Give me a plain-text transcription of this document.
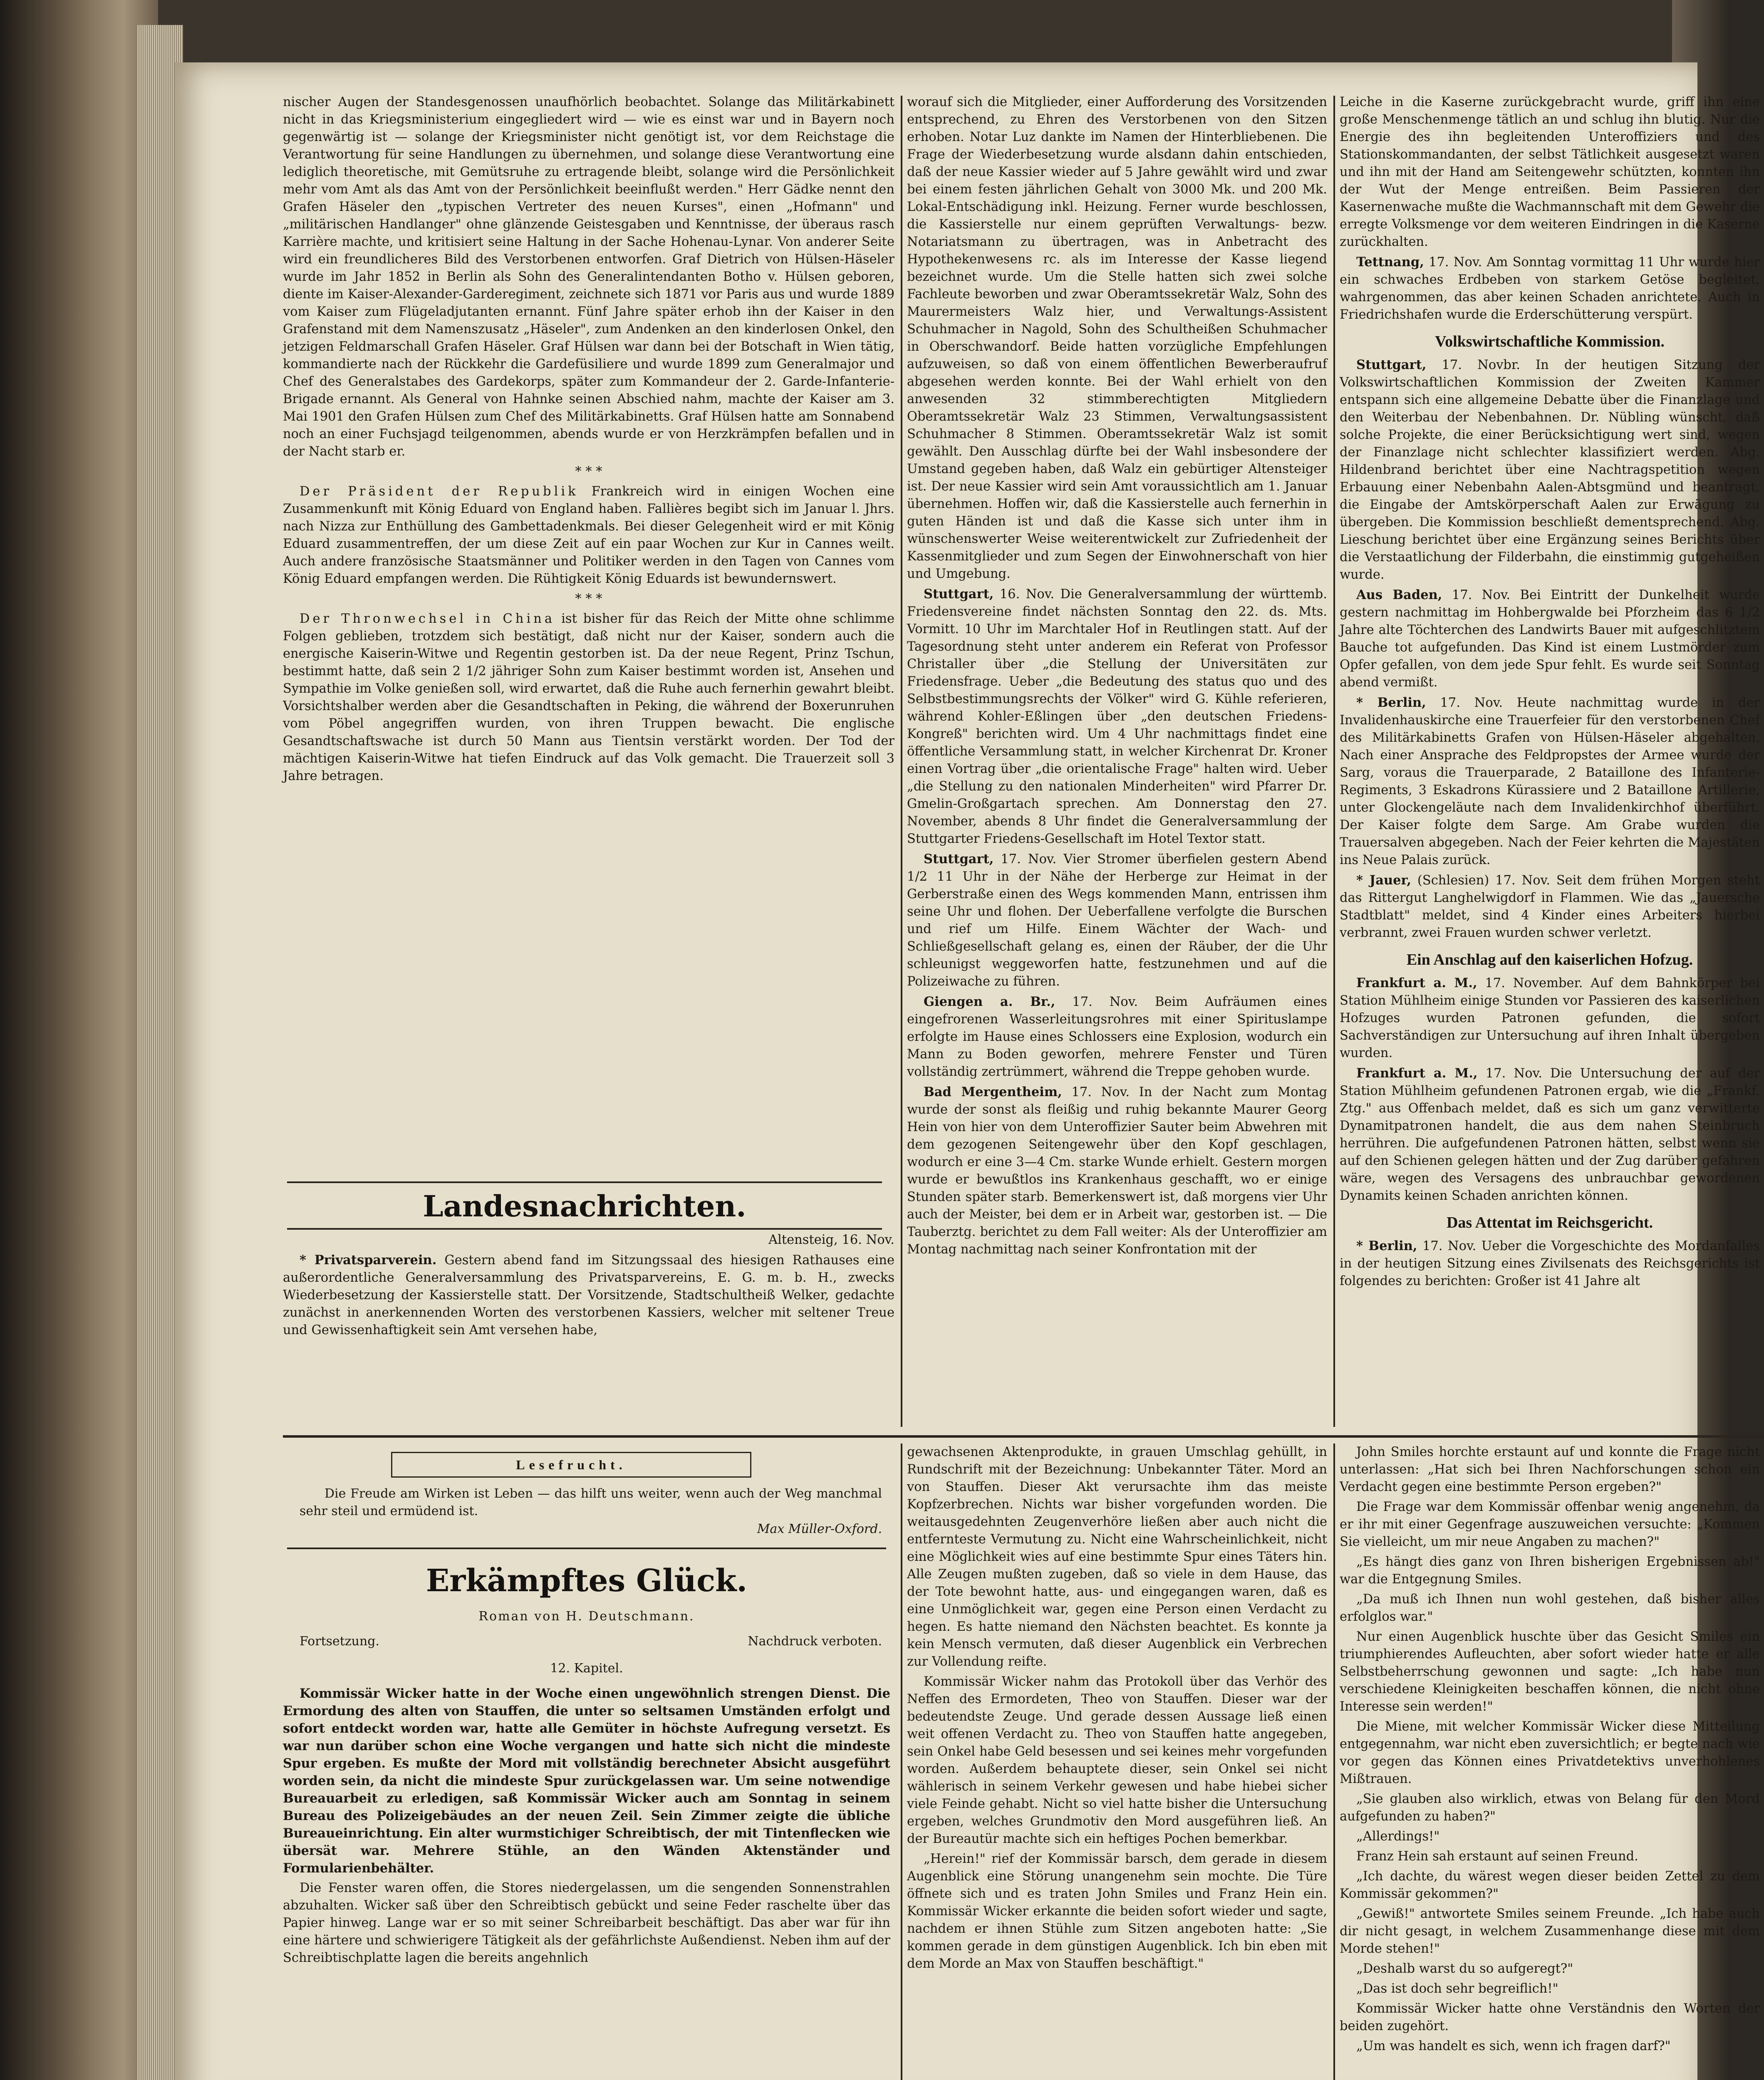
nischer Augen der Standesgenossen unaufhörlich beobachtet. Solange das Militärkabinett nicht in das Kriegsministerium eingegliedert wird — wie es einst war und in Bayern noch gegenwärtig ist — solange der Kriegsminister nicht genötigt ist, vor dem Reichstage die Verantwortung für seine Handlungen zu übernehmen, und solange diese Verantwortung eine lediglich theoretische, mit Gemütsruhe zu ertragende bleibt, solange wird die Persönlichkeit mehr vom Amt als das Amt von der Persönlichkeit beeinflußt werden." Herr Gädke nennt den Grafen Häseler den „typischen Vertreter des neuen Kurses", einen „Hofmann" und „militärischen Handlanger" ohne glänzende Geistesgaben und Kenntnisse, der überaus rasch Karrière machte, und kritisiert seine Haltung in der Sache Hohenau-Lynar. Von anderer Seite wird ein freundlicheres Bild des Verstorbenen entworfen. Graf Dietrich von Hülsen-Häseler wurde im Jahr 1852 in Berlin als Sohn des Generalintendanten Botho v. Hülsen geboren, diente im Kaiser-Alexander-Garderegiment, zeichnete sich 1871 vor Paris aus und wurde 1889 vom Kaiser zum Flügeladjutanten ernannt. Fünf Jahre später erhob ihn der Kaiser in den Grafenstand mit dem Namenszusatz „Häseler", zum Andenken an den kinderlosen Onkel, den jetzigen Feldmarschall Grafen Häseler. Graf Hülsen war dann bei der Botschaft in Wien tätig, kommandierte nach der Rückkehr die Gardefüsiliere und wurde 1899 zum Generalmajor und Chef des Generalstabes des Gardekorps, später zum Kommandeur der 2. Garde-Infanterie-Brigade ernannt. Als General von Hahnke seinen Abschied nahm, machte der Kaiser am 3. Mai 1901 den Grafen Hülsen zum Chef des Militärkabinetts. Graf Hülsen hatte am Sonnabend noch an einer Fuchsjagd teilgenommen, abends wurde er von Herzkrämpfen befallen und in der Nacht starb er.

* * *

Der Präsident der Republik Frankreich wird in einigen Wochen eine Zusammenkunft mit König Eduard von England haben. Fallières begibt sich im Januar l. Jhrs. nach Nizza zur Enthüllung des Gambettadenkmals. Bei dieser Gelegenheit wird er mit König Eduard zusammentreffen, der um diese Zeit auf ein paar Wochen zur Kur in Cannes weilt. Auch andere französische Staatsmänner und Politiker werden in den Tagen von Cannes vom König Eduard empfangen werden. Die Rühtigkeit König Eduards ist bewundernswert.

* * *

Der Thronwechsel in China ist bisher für das Reich der Mitte ohne schlimme Folgen geblieben, trotzdem sich bestätigt, daß nicht nur der Kaiser, sondern auch die energische Kaiserin-Witwe und Regentin gestorben ist. Da der neue Regent, Prinz Tschun, bestimmt hatte, daß sein 2 1/2 jähriger Sohn zum Kaiser bestimmt worden ist, Ansehen und Sympathie im Volke genießen soll, wird erwartet, daß die Ruhe auch fernerhin gewahrt bleibt. Vorsichtshalber werden aber die Gesandtschaften in Peking, die während der Boxerunruhen vom Pöbel angegriffen wurden, von ihren Truppen bewacht. Die englische Gesandtschaftswache ist durch 50 Mann aus Tientsin verstärkt worden. Der Tod der mächtigen Kaiserin-Witwe hat tiefen Eindruck auf das Volk gemacht. Die Trauerzeit soll 3 Jahre betragen.

Landesnachrichten.

Altensteig, 16. Nov.

* Privatsparverein. Gestern abend fand im Sitzungssaal des hiesigen Rathauses eine außerordentliche Generalversammlung des Privatsparvereins, E. G. m. b. H., zwecks Wiederbesetzung der Kassierstelle statt. Der Vorsitzende, Stadtschultheiß Welker, gedachte zunächst in anerkennenden Worten des verstorbenen Kassiers, welcher mit seltener Treue und Gewissenhaftigkeit sein Amt versehen habe,

worauf sich die Mitglieder, einer Aufforderung des Vorsitzenden entsprechend, zu Ehren des Verstorbenen von den Sitzen erhoben. Notar Luz dankte im Namen der Hinterbliebenen. Die Frage der Wiederbesetzung wurde alsdann dahin entschieden, daß der neue Kassier wieder auf 5 Jahre gewählt wird und zwar bei einem festen jährlichen Gehalt von 3000 Mk. und 200 Mk. Lokal-Entschädigung inkl. Heizung. Ferner wurde beschlossen, die Kassierstelle nur einem geprüften Verwaltungs- bezw. Notariatsmann zu übertragen, was in Anbetracht des Hypothekenwesens rc. als im Interesse der Kasse liegend bezeichnet wurde. Um die Stelle hatten sich zwei solche Fachleute beworben und zwar Oberamtssekretär Walz, Sohn des Maurermeisters Walz hier, und Verwaltungs-Assistent Schuhmacher in Nagold, Sohn des Schultheißen Schuhmacher in Oberschwandorf. Beide hatten vorzügliche Empfehlungen aufzuweisen, so daß von einem öffentlichen Bewerberaufruf abgesehen werden konnte. Bei der Wahl erhielt von den anwesenden 32 stimmberechtigten Mitgliedern Oberamtssekretär Walz 23 Stimmen, Verwaltungsassistent Schuhmacher 8 Stimmen. Oberamtssekretär Walz ist somit gewählt. Den Ausschlag dürfte bei der Wahl insbesondere der Umstand gegeben haben, daß Walz ein gebürtiger Altensteiger ist. Der neue Kassier wird sein Amt voraussichtlich am 1. Januar übernehmen. Hoffen wir, daß die Kassierstelle auch fernerhin in guten Händen ist und daß die Kasse sich unter ihm in wünschenswerter Weise weiterentwickelt zur Zufriedenheit der Kassenmitglieder und zum Segen der Einwohnerschaft von hier und Umgebung.

Stuttgart, 16. Nov. Die Generalversammlung der württemb. Friedensvereine findet nächsten Sonntag den 22. ds. Mts. Vormitt. 10 Uhr im Marchtaler Hof in Reutlingen statt. Auf der Tagesordnung steht unter anderem ein Referat von Professor Christaller über „die Stellung der Universitäten zur Friedensfrage. Ueber „die Bedeutung des status quo und des Selbstbestimmungsrechts der Völker" wird G. Kühle referieren, während Kohler-Eßlingen über „den deutschen Friedens-Kongreß" berichten wird. Um 4 Uhr nachmittags findet eine öffentliche Versammlung statt, in welcher Kirchenrat Dr. Kroner einen Vortrag über „die orientalische Frage" halten wird. Ueber „die Stellung zu den nationalen Minderheiten" wird Pfarrer Dr. Gmelin-Großgartach sprechen. Am Donnerstag den 27. November, abends 8 Uhr findet die Generalversammlung der Stuttgarter Friedens-Gesellschaft im Hotel Textor statt.

Stuttgart, 17. Nov. Vier Stromer überfielen gestern Abend 1/2 11 Uhr in der Nähe der Herberge zur Heimat in der Gerberstraße einen des Wegs kommenden Mann, entrissen ihm seine Uhr und flohen. Der Ueberfallene verfolgte die Burschen und rief um Hilfe. Einem Wächter der Wach- und Schließgesellschaft gelang es, einen der Räuber, der die Uhr schleunigst weggeworfen hatte, festzunehmen und auf die Polizeiwache zu führen.

Giengen a. Br., 17. Nov. Beim Aufräumen eines eingefrorenen Wasserleitungsrohres mit einer Spirituslampe erfolgte im Hause eines Schlossers eine Explosion, wodurch ein Mann zu Boden geworfen, mehrere Fenster und Türen vollständig zertrümmert, während die Treppe gehoben wurde.

Bad Mergentheim, 17. Nov. In der Nacht zum Montag wurde der sonst als fleißig und ruhig bekannte Maurer Georg Hein von hier von dem Unteroffizier Sauter beim Abwehren mit dem gezogenen Seitengewehr über den Kopf geschlagen, wodurch er eine 3—4 Cm. starke Wunde erhielt. Gestern morgen wurde er bewußtlos ins Krankenhaus geschafft, wo er einige Stunden später starb. Bemerkenswert ist, daß morgens vier Uhr auch der Meister, bei dem er in Arbeit war, gestorben ist. — Die Tauberztg. berichtet zu dem Fall weiter: Als der Unteroffizier am Montag nachmittag nach seiner Konfrontation mit der

Leiche in die Kaserne zurückgebracht wurde, griff ihn eine große Menschenmenge tätlich an und schlug ihn blutig. Nur die Energie des ihn begleitenden Unteroffiziers und des Stationskommandanten, der selbst Tätlichkeit ausgesetzt waren und ihn mit der Hand am Seitengewehr schützten, konnten ihn der Wut der Menge entreißen. Beim Passieren der Kasernenwache mußte die Wachmannschaft mit dem Gewehr die erregte Volksmenge vor dem weiteren Eindringen in die Kaserne zurückhalten.

Tettnang, 17. Nov. Am Sonntag vormittag 11 Uhr wurde hier ein schwaches Erdbeben von starkem Getöse begleitet, wahrgenommen, das aber keinen Schaden anrichtete. Auch in Friedrichshafen wurde die Erderschütterung verspürt.

Volkswirtschaftliche Kommission.

Stuttgart, 17. Novbr. In der heutigen Sitzung der Volkswirtschaftlichen Kommission der Zweiten Kammer entspann sich eine allgemeine Debatte über die Finanzlage und den Weiterbau der Nebenbahnen. Dr. Nübling wünscht, daß solche Projekte, die einer Berücksichtigung wert sind, wegen der Finanzlage nicht schlechter klassifiziert werden. Abg. Hildenbrand berichtet über eine Nachtragspetition wegen Erbauung einer Nebenbahn Aalen-Abtsgmünd und beantragt, die Eingabe der Amtskörperschaft Aalen zur Erwägung zu übergeben. Die Kommission beschließt dementsprechend. Abg. Lieschung berichtet über eine Ergänzung seines Berichts über die Verstaatlichung der Filderbahn, die einstimmig gutgeheißen wurde.

Aus Baden, 17. Nov. Bei Eintritt der Dunkelheit wurde gestern nachmittag im Hohbergwalde bei Pforzheim das 6 1/2 Jahre alte Töchterchen des Landwirts Bauer mit aufgeschlitztem Bauche tot aufgefunden. Das Kind ist einem Lustmörder zum Opfer gefallen, von dem jede Spur fehlt. Es wurde seit Sonntag abend vermißt.

* Berlin, 17. Nov. Heute nachmittag wurde in der Invalidenhauskirche eine Trauerfeier für den verstorbenen Chef des Militärkabinetts Grafen von Hülsen-Häseler abgehalten. Nach einer Ansprache des Feldpropstes der Armee wurde der Sarg, voraus die Trauerparade, 2 Bataillone des Infanterie-Regiments, 3 Eskadrons Kürassiere und 2 Bataillone Artillerie, unter Glockengeläute nach dem Invalidenkirchhof überführt. Der Kaiser folgte dem Sarge. Am Grabe wurden die Trauersalven abgegeben. Nach der Feier kehrten die Majestäten ins Neue Palais zurück.

* Jauer, (Schlesien) 17. Nov. Seit dem frühen Morgen steht das Rittergut Langhelwigdorf in Flammen. Wie das „Jauersche Stadtblatt" meldet, sind 4 Kinder eines Arbeiters hierbei verbrannt, zwei Frauen wurden schwer verletzt.

Ein Anschlag auf den kaiserlichen Hofzug.

Frankfurt a. M., 17. November. Auf dem Bahnkörper bei Station Mühlheim einige Stunden vor Passieren des kaiserlichen Hofzuges wurden Patronen gefunden, die sofort Sachverständigen zur Untersuchung auf ihren Inhalt übergeben wurden.

Frankfurt a. M., 17. Nov. Die Untersuchung der auf der Station Mühlheim gefundenen Patronen ergab, wie die „Frankf. Ztg." aus Offenbach meldet, daß es sich um ganz verwitterte Dynamitpatronen handelt, die aus dem nahen Steinbruch herrühren. Die aufgefundenen Patronen hätten, selbst wenn sie auf den Schienen gelegen hätten und der Zug darüber gefahren wäre, wegen des Versagens des unbrauchbar gewordenen Dynamits keinen Schaden anrichten können.

Das Attentat im Reichsgericht.

* Berlin, 17. Nov. Ueber die Vorgeschichte des Mordanfalles in der heutigen Sitzung eines Zivilsenats des Reichsgerichts ist folgendes zu berichten: Großer ist 41 Jahre alt

Lesefrucht.
Die Freude am Wirken ist Leben — das hilft uns weiter, wenn auch der Weg manchmal sehr steil und ermüdend ist.
Max Müller-Oxford.
Erkämpftes Glück.
Roman von H. Deutschmann.
Fortsetzung.	Nachdruck verboten.
12. Kapitel.

Kommissär Wicker hatte in der Woche einen ungewöhnlich strengen Dienst. Die Ermordung des alten von Stauffen, die unter so seltsamen Umständen erfolgt und sofort entdeckt worden war, hatte alle Gemüter in höchste Aufregung versetzt. Es war nun darüber schon eine Woche vergangen und hatte sich nicht die mindeste Spur ergeben. Es mußte der Mord mit vollständig berechneter Absicht ausgeführt worden sein, da nicht die mindeste Spur zurückgelassen war. Um seine notwendige Bureauarbeit zu erledigen, saß Kommissär Wicker auch am Sonntag in seinem Bureau des Polizeigebäudes an der neuen Zeil. Sein Zimmer zeigte die übliche Bureaueinrichtung. Ein alter wurmstichiger Schreibtisch, der mit Tintenflecken wie übersät war. Mehrere Stühle, an den Wänden Aktenständer und Formularienbehälter.

Die Fenster waren offen, die Stores niedergelassen, um die sengenden Sonnenstrahlen abzuhalten. Wicker saß über den Schreibtisch gebückt und seine Feder raschelte über das Papier hinweg. Lange war er so mit seiner Schreibarbeit beschäftigt. Das aber war für ihn eine härtere und schwierigere Tätigkeit als der gefährlichste Außendienst. Neben ihm auf der Schreibtischplatte lagen die bereits angehnlich

gewachsenen Aktenprodukte, in grauen Umschlag gehüllt, in Rundschrift mit der Bezeichnung: Unbekannter Täter. Mord an von Stauffen. Dieser Akt verursachte ihm das meiste Kopfzerbrechen. Nichts war bisher vorgefunden worden. Die weitausgedehnten Zeugenverhöre ließen aber auch nicht die entfernteste Vermutung zu. Nicht eine Wahrscheinlichkeit, nicht eine Möglichkeit wies auf eine bestimmte Spur eines Täters hin. Alle Zeugen mußten zugeben, daß so viele in dem Hause, das der Tote bewohnt hatte, aus- und eingegangen waren, daß es eine Unmöglichkeit war, gegen eine Person einen Verdacht zu hegen. Es hatte niemand den Nächsten beachtet. Es konnte ja kein Mensch vermuten, daß dieser Augenblick ein Verbrechen zur Vollendung reifte.

Kommissär Wicker nahm das Protokoll über das Verhör des Neffen des Ermordeten, Theo von Stauffen. Dieser war der bedeutendste Zeuge. Und gerade dessen Aussage ließ einen weit offenen Verdacht zu. Theo von Stauffen hatte angegeben, sein Onkel habe Geld besessen und sei keines mehr vorgefunden worden. Außerdem behauptete dieser, sein Onkel sei nicht wählerisch in seinem Verkehr gewesen und habe hiebei sicher viele Feinde gehabt. Nicht so viel hatte bisher die Untersuchung ergeben, welches Grundmotiv den Mord ausgeführen ließ. An der Bureautür machte sich ein heftiges Pochen bemerkbar.

„Herein!" rief der Kommissär barsch, dem gerade in diesem Augenblick eine Störung unangenehm sein mochte. Die Türe öffnete sich und es traten John Smiles und Franz Hein ein. Kommissär Wicker erkannte die beiden sofort wieder und sagte, nachdem er ihnen Stühle zum Sitzen angeboten hatte: „Sie kommen gerade in dem günstigen Augenblick. Ich bin eben mit dem Morde an Max von Stauffen beschäftigt."

John Smiles horchte erstaunt auf und konnte die Frage nicht unterlassen: „Hat sich bei Ihren Nachforschungen schon ein Verdacht gegen eine bestimmte Person ergeben?"

Die Frage war dem Kommissär offenbar wenig angenehm, da er ihr mit einer Gegenfrage auszuweichen versuchte: „Kommen Sie vielleicht, um mir neue Angaben zu machen?"

„Es hängt dies ganz von Ihren bisherigen Ergebnissen ab!" war die Entgegnung Smiles.

„Da muß ich Ihnen nun wohl gestehen, daß bisher alles erfolglos war."

Nur einen Augenblick huschte über das Gesicht Smiles ein triumphierendes Aufleuchten, aber sofort wieder hatte er alle Selbstbeherrschung gewonnen und sagte: „Ich habe nun verschiedene Kleinigkeiten beschaffen können, die nicht ohne Interesse sein werden!"

Die Miene, mit welcher Kommissär Wicker diese Mitteilung entgegennahm, war nicht eben zuversichtlich; er begte nach wie vor gegen das Können eines Privatdetektivs unverhohlenes Mißtrauen.

„Sie glauben also wirklich, etwas von Belang für den Mord aufgefunden zu haben?"

„Allerdings!"

Franz Hein sah erstaunt auf seinen Freund.

„Ich dachte, du wärest wegen dieser beiden Zettel zu dem Kommissär gekommen?"

„Gewiß!" antwortete Smiles seinem Freunde. „Ich habe auch dir nicht gesagt, in welchem Zusammenhange diese mit dem Morde stehen!"

„Deshalb warst du so aufgeregt?"

„Das ist doch sehr begreiflich!"

Kommissär Wicker hatte ohne Verständnis den Worten der beiden zugehört.

„Um was handelt es sich, wenn ich fragen darf?"
